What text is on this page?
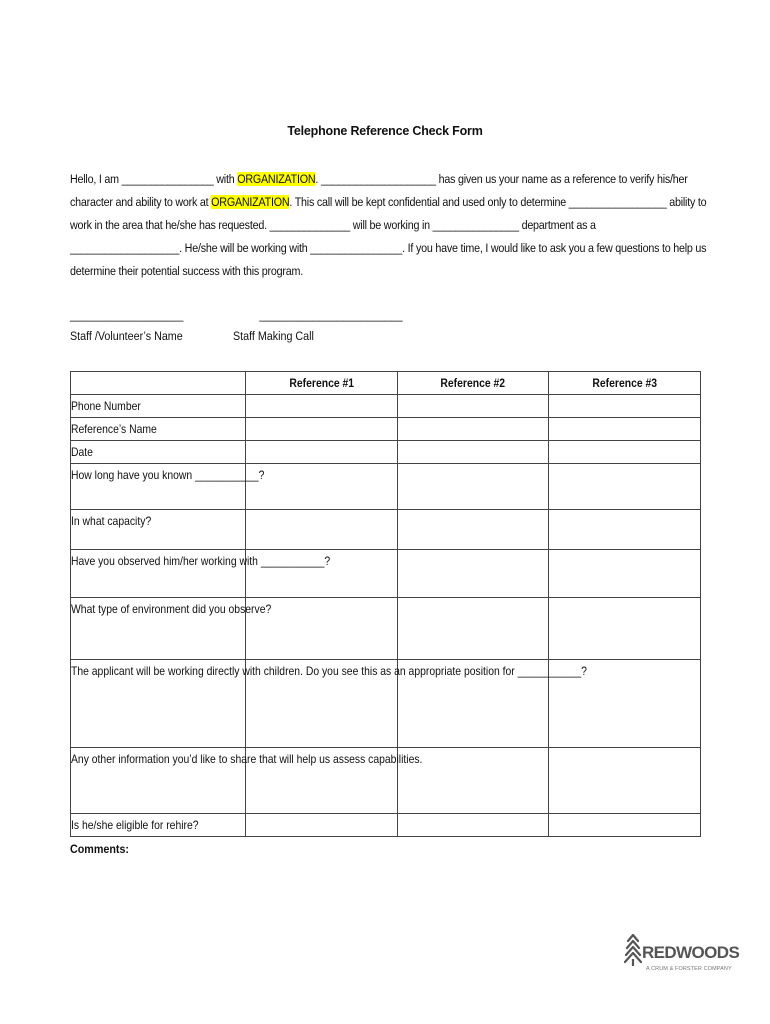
Telephone Reference Check Form
Hello, I am ________________ with ORGANIZATION. ____________________ has given us your name as a reference to verify his/her character and ability to work at ORGANIZATION. This call will be kept confidential and used only to determine _________________ ability to work in the area that he/she has requested. ______________ will be working in _______________ department as a ___________________. He/she will be working with ________________. If you have time, I would like to ask you a few questions to help us determine their potential success with this program.
___________________
Staff /Volunteer’s Name
________________________
Staff Making Call
	Reference #1	Reference #2	Reference #3
Phone Number			
Reference’s Name			
Date			
How long have you known ___________?			
In what capacity?			
Have you observed him/her working with ___________?			
What type of environment did you observe?			
The applicant will be working directly with children. Do you see this as an appropriate position for ___________?			
Any other information you’d like to share that will help us assess capabilities.			
Is he/she eligible for rehire?			
Comments:
REDWOODS
A CRUM & FORSTER COMPANY
